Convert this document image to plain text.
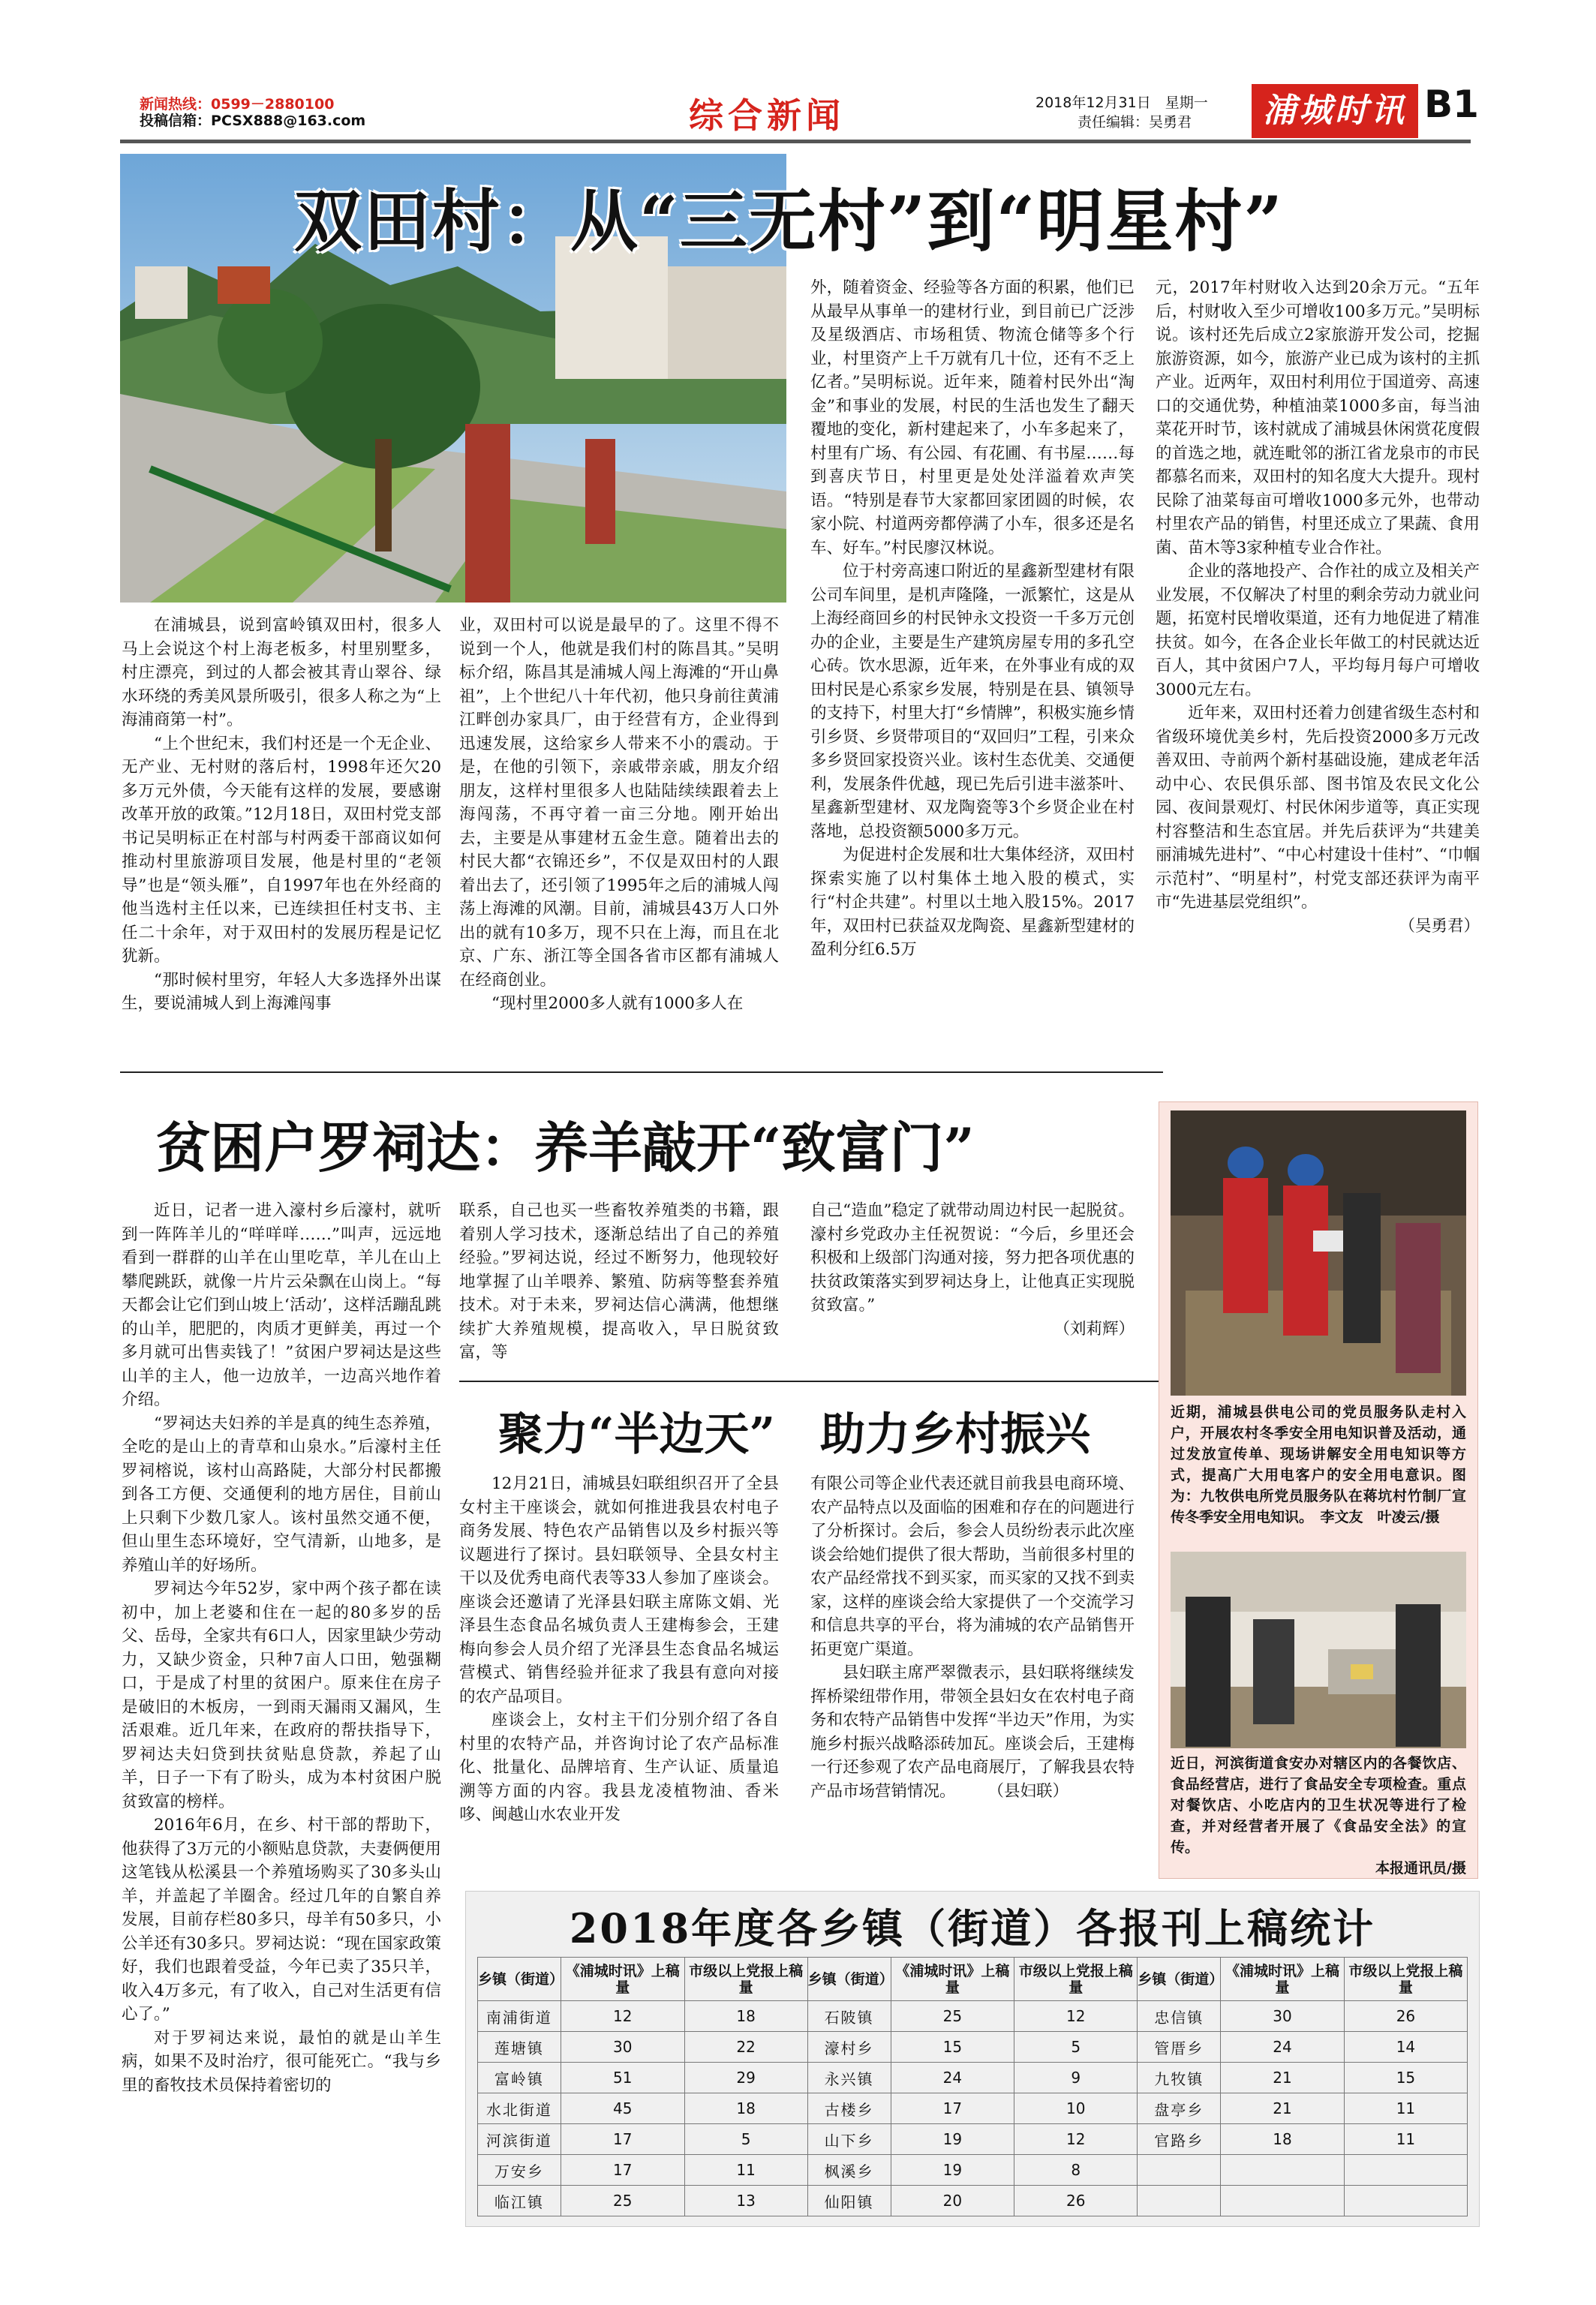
新闻热线：0599－2880100
投稿信箱：PCSX888@163.com	综合新闻	2018年12月31日　星期一
责任编辑：吴勇君	浦城时讯 B1
双田村：从“三无村”到“明星村”

在浦城县，说到富岭镇双田村，很多人马上会说这个村上海老板多，村里别墅多，村庄漂亮，到过的人都会被其青山翠谷、绿水环绕的秀美风景所吸引，很多人称之为“上海浦商第一村”。

“上个世纪末，我们村还是一个无企业、无产业、无村财的落后村，1998年还欠20多万元外债，今天能有这样的发展，要感谢改革开放的政策。”12月18日，双田村党支部书记吴明标正在村部与村两委干部商议如何推动村里旅游项目发展，他是村里的“老领导”也是“领头雁”，自1997年也在外经商的他当选村主任以来，已连续担任村支书、主任二十余年，对于双田村的发展历程是记忆犹新。

“那时候村里穷，年轻人大多选择外出谋生，要说浦城人到上海滩闯事

业，双田村可以说是最早的了。这里不得不说到一个人，他就是我们村的陈昌其。”吴明标介绍，陈昌其是浦城人闯上海滩的“开山鼻祖”，上个世纪八十年代初，他只身前往黄浦江畔创办家具厂，由于经营有方，企业得到迅速发展，这给家乡人带来不小的震动。于是，在他的引领下，亲戚带亲戚，朋友介绍朋友，这样村里很多人也陆陆续续跟着去上海闯荡，不再守着一亩三分地。刚开始出去，主要是从事建材五金生意。随着出去的村民大都“衣锦还乡”，不仅是双田村的人跟着出去了，还引领了1995年之后的浦城人闯荡上海滩的风潮。目前，浦城县43万人口外出的就有10多万，现不只在上海，而且在北京、广东、浙江等全国各省市区都有浦城人在经商创业。

“现村里2000多人就有1000多人在

外，随着资金、经验等各方面的积累，他们已从最早从事单一的建材行业，到目前已广泛涉及星级酒店、市场租赁、物流仓储等多个行业，村里资产上千万就有几十位，还有不乏上亿者。”吴明标说。近年来，随着村民外出“淘金”和事业的发展，村民的生活也发生了翻天覆地的变化，新村建起来了，小车多起来了，村里有广场、有公园、有花圃、有书屋……每到喜庆节日，村里更是处处洋溢着欢声笑语。“特别是春节大家都回家团圆的时候，农家小院、村道两旁都停满了小车，很多还是名车、好车。”村民廖汉林说。

位于村旁高速口附近的星鑫新型建材有限公司车间里，是机声隆隆，一派繁忙，这是从上海经商回乡的村民钟永文投资一千多万元创办的企业，主要是生产建筑房屋专用的多孔空心砖。饮水思源，近年来，在外事业有成的双田村民是心系家乡发展，特别是在县、镇领导的支持下，村里大打“乡情牌”，积极实施乡情引乡贤、乡贤带项目的“双回归”工程，引来众多乡贤回家投资兴业。该村生态优美、交通便利，发展条件优越，现已先后引进丰滋茶叶、星鑫新型建材、双龙陶瓷等3个乡贤企业在村落地，总投资额5000多万元。

为促进村企发展和壮大集体经济，双田村探索实施了以村集体土地入股的模式，实行“村企共建”。村里以土地入股15%。2017年，双田村已获益双龙陶瓷、星鑫新型建材的盈利分红6.5万

元，2017年村财收入达到20余万元。“五年后，村财收入至少可增收100多万元。”吴明标说。该村还先后成立2家旅游开发公司，挖掘旅游资源，如今，旅游产业已成为该村的主抓产业。近两年，双田村利用位于国道旁、高速口的交通优势，种植油菜1000多亩，每当油菜花开时节，该村就成了浦城县休闲赏花度假的首选之地，就连毗邻的浙江省龙泉市的市民都慕名而来，双田村的知名度大大提升。现村民除了油菜每亩可增收1000多元外，也带动村里农产品的销售，村里还成立了果蔬、食用菌、苗木等3家种植专业合作社。

企业的落地投产、合作社的成立及相关产业发展，不仅解决了村里的剩余劳动力就业问题，拓宽村民增收渠道，还有力地促进了精准扶贫。如今，在各企业长年做工的村民就达近百人，其中贫困户7人，平均每月每户可增收3000元左右。

近年来，双田村还着力创建省级生态村和省级环境优美乡村，先后投资2000多万元改善双田、寺前两个新村基础设施，建成老年活动中心、农民俱乐部、图书馆及农民文化公园、夜间景观灯、村民休闲步道等，真正实现村容整洁和生态宜居。并先后获评为“共建美丽浦城先进村”、“中心村建设十佳村”、“巾帼示范村”、“明星村”，村党支部还获评为南平市“先进基层党组织”。

（吴勇君）

贫困户罗祠达：养羊敲开“致富门”

近日，记者一进入濠村乡后濠村，就听到一阵阵羊儿的“咩咩咩……”叫声，远远地看到一群群的山羊在山里吃草，羊儿在山上攀爬跳跃，就像一片片云朵飘在山岗上。“每天都会让它们到山坡上‘活动’，这样活蹦乱跳的山羊，肥肥的，肉质才更鲜美，再过一个多月就可出售卖钱了！”贫困户罗祠达是这些山羊的主人，他一边放羊，一边高兴地作着介绍。

“罗祠达夫妇养的羊是真的纯生态养殖，全吃的是山上的青草和山泉水。”后濠村主任罗祠榕说，该村山高路陡，大部分村民都搬到各工方便、交通便利的地方居住，目前山上只剩下少数几家人。该村虽然交通不便，但山里生态环境好，空气清新，山地多，是养殖山羊的好场所。

罗祠达今年52岁，家中两个孩子都在读初中，加上老婆和住在一起的80多岁的岳父、岳母，全家共有6口人，因家里缺少劳动力，又缺少资金，只种7亩人口田，勉强糊口，于是成了村里的贫困户。原来住在房子是破旧的木板房，一到雨天漏雨又漏风，生活艰难。近几年来，在政府的帮扶指导下，罗祠达夫妇贷到扶贫贴息贷款，养起了山羊，日子一下有了盼头，成为本村贫困户脱贫致富的榜样。

2016年6月，在乡、村干部的帮助下，他获得了3万元的小额贴息贷款，夫妻俩便用这笔钱从松溪县一个养殖场购买了30多头山羊，并盖起了羊圈舍。经过几年的自繁自养发展，目前存栏80多只，母羊有50多只，小公羊还有30多只。罗祠达说：“现在国家政策好，我们也跟着受益，今年已卖了35只羊，收入4万多元，有了收入，自己对生活更有信心了。”

对于罗祠达来说，最怕的就是山羊生病，如果不及时治疗，很可能死亡。“我与乡里的畜牧技术员保持着密切的

联系，自己也买一些畜牧养殖类的书籍，跟着别人学习技术，逐渐总结出了自己的养殖经验。”罗祠达说，经过不断努力，他现较好地掌握了山羊喂养、繁殖、防病等整套养殖技术。对于未来，罗祠达信心满满，他想继续扩大养殖规模，提高收入，早日脱贫致富，等

自己“造血”稳定了就带动周边村民一起脱贫。濠村乡党政办主任祝贺说：“今后，乡里还会积极和上级部门沟通对接，努力把各项优惠的扶贫政策落实到罗祠达身上，让他真正实现脱贫致富。”

（刘莉辉）

聚力“半边天”　助力乡村振兴

12月21日，浦城县妇联组织召开了全县女村主干座谈会，就如何推进我县农村电子商务发展、特色农产品销售以及乡村振兴等议题进行了探讨。县妇联领导、全县女村主干以及优秀电商代表等33人参加了座谈会。座谈会还邀请了光泽县妇联主席陈文娟、光泽县生态食品名城负责人王建梅参会，王建梅向参会人员介绍了光泽县生态食品名城运营模式、销售经验并征求了我县有意向对接的农产品项目。

座谈会上，女村主干们分别介绍了各自村里的农特产品，并咨询讨论了农产品标准化、批量化、品牌培育、生产认证、质量追溯等方面的内容。我县龙凌植物油、香米哆、闽越山水农业开发

有限公司等企业代表还就目前我县电商环境、农产品特点以及面临的困难和存在的问题进行了分析探讨。会后，参会人员纷纷表示此次座谈会给她们提供了很大帮助，当前很多村里的农产品经常找不到买家，而买家的又找不到卖家，这样的座谈会给大家提供了一个交流学习和信息共享的平台，将为浦城的农产品销售开拓更宽广渠道。

县妇联主席严翠微表示，县妇联将继续发挥桥梁纽带作用，带领全县妇女在农村电子商务和农特产品销售中发挥“半边天”作用，为实施乡村振兴战略添砖加瓦。座谈会后，王建梅一行还参观了农产品电商展厅，了解我县农特产品市场营销情况。　　　（县妇联）

近期，浦城县供电公司的党员服务队走村入户，开展农村冬季安全用电知识普及活动，通过发放宣传单、现场讲解安全用电知识等方式，提高广大用电客户的安全用电意识。图为：九牧供电所党员服务队在蒋坑村竹制厂宣传冬季安全用电知识。　李文友　叶凌云/摄
近日，河滨街道食安办对辖区内的各餐饮店、食品经营店，进行了食品安全专项检查。重点对餐饮店、小吃店内的卫生状况等进行了检查，并对经营者开展了《食品安全法》的宣传。
本报通讯员/摄
2018年度各乡镇（街道）各报刊上稿统计
乡镇（街道）	《浦城时讯》上稿量	市级以上党报上稿量	乡镇（街道）	《浦城时讯》上稿量	市级以上党报上稿量	乡镇（街道）	《浦城时讯》上稿量	市级以上党报上稿量
南浦街道	12	18	石陂镇	25	12	忠信镇	30	26
莲塘镇	30	22	濠村乡	15	5	管厝乡	24	14
富岭镇	51	29	永兴镇	24	9	九牧镇	21	15
水北街道	45	18	古楼乡	17	10	盘亭乡	21	11
河滨街道	17	5	山下乡	19	12	官路乡	18	11
万安乡	17	11	枫溪乡	19	8			
临江镇	25	13	仙阳镇	20	26			
